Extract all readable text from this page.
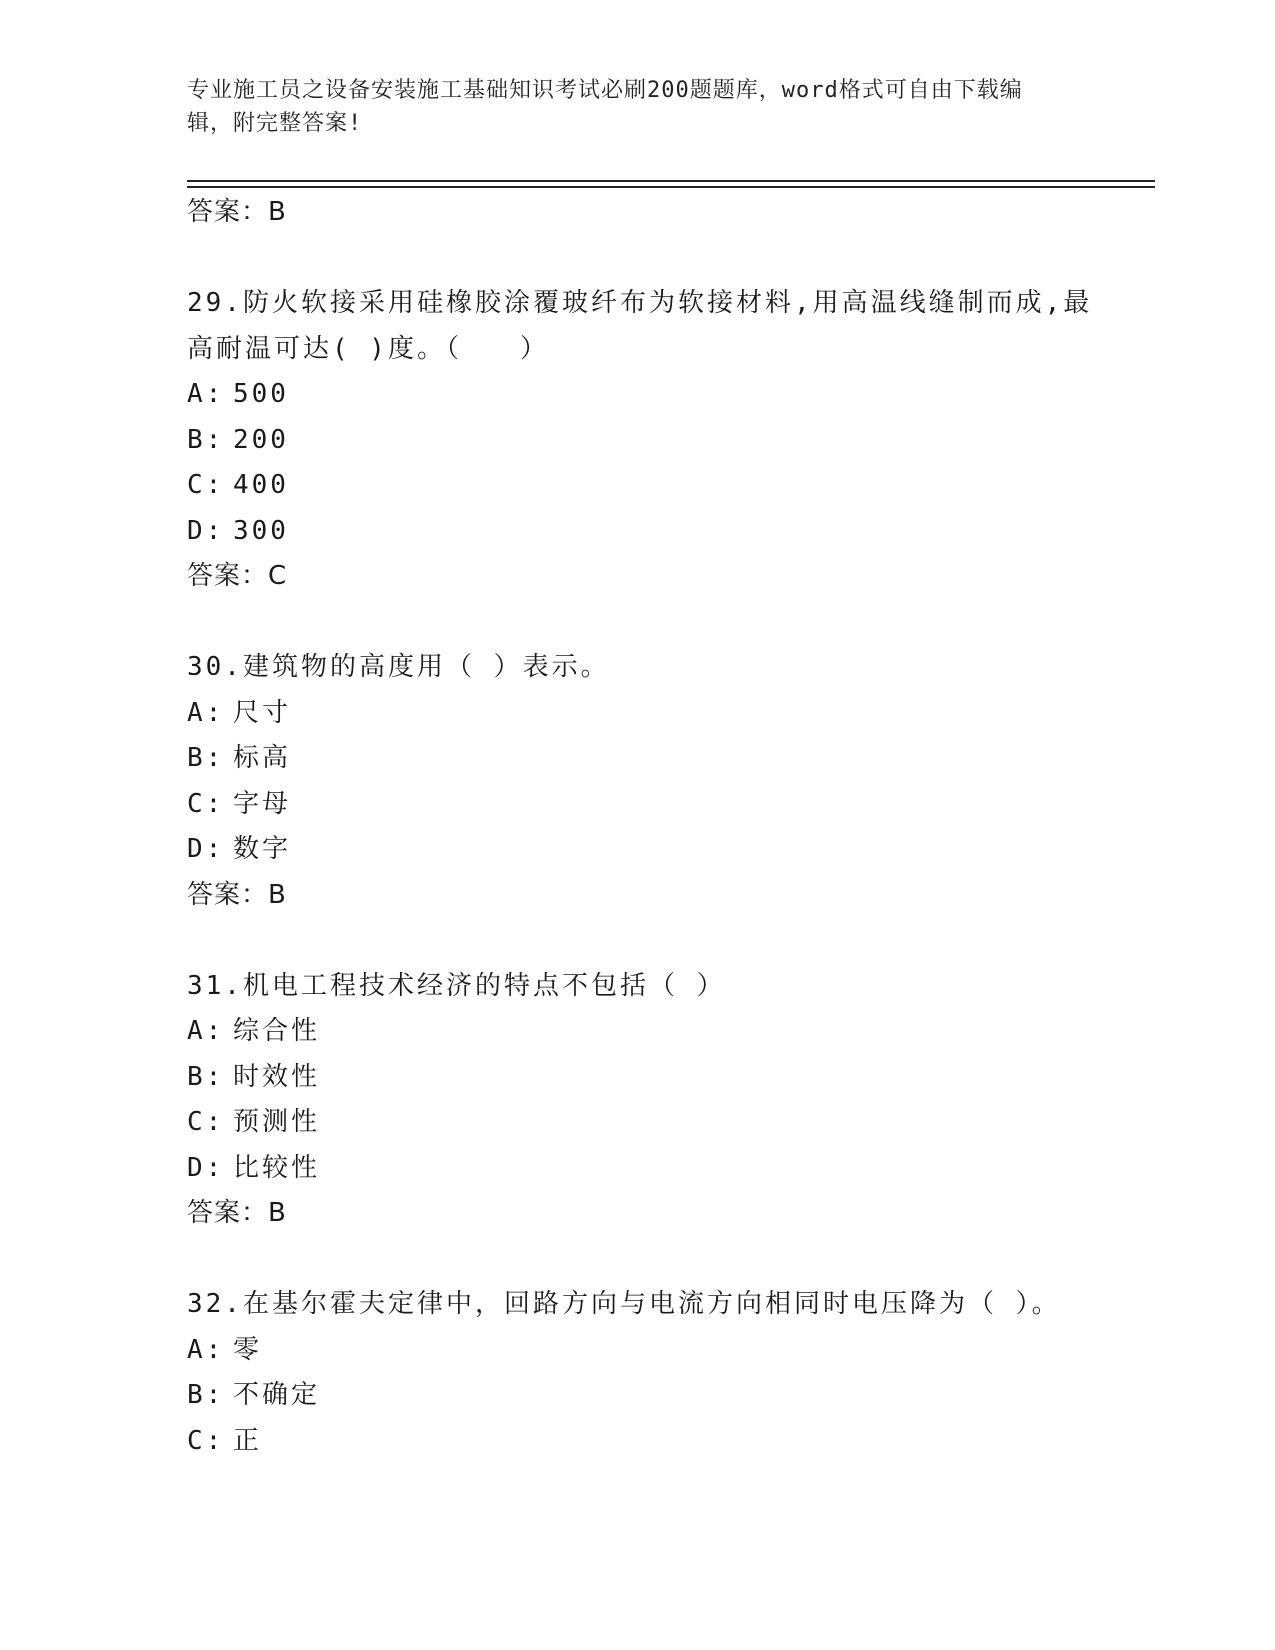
专业施工员之设备安装施工基础知识考试必刷200题题库，word格式可自由下载编辑，附完整答案!
答案：B
29.防火软接采用硅橡胶涂覆玻纤布为软接材料,用高温线缝制而成,最
高耐温可达( )度。（　　）
A: 500
B: 200
C: 400
D: 300
答案：C
30.建筑物的高度用（ ）表示。
A: 尺寸
B: 标高
C: 字母
D: 数字
答案：B
31.机电工程技术经济的特点不包括（ ）
A: 综合性
B: 时效性
C: 预测性
D: 比较性
答案：B
32.在基尔霍夫定律中，回路方向与电流方向相同时电压降为（ ）。
A: 零
B: 不确定
C: 正
